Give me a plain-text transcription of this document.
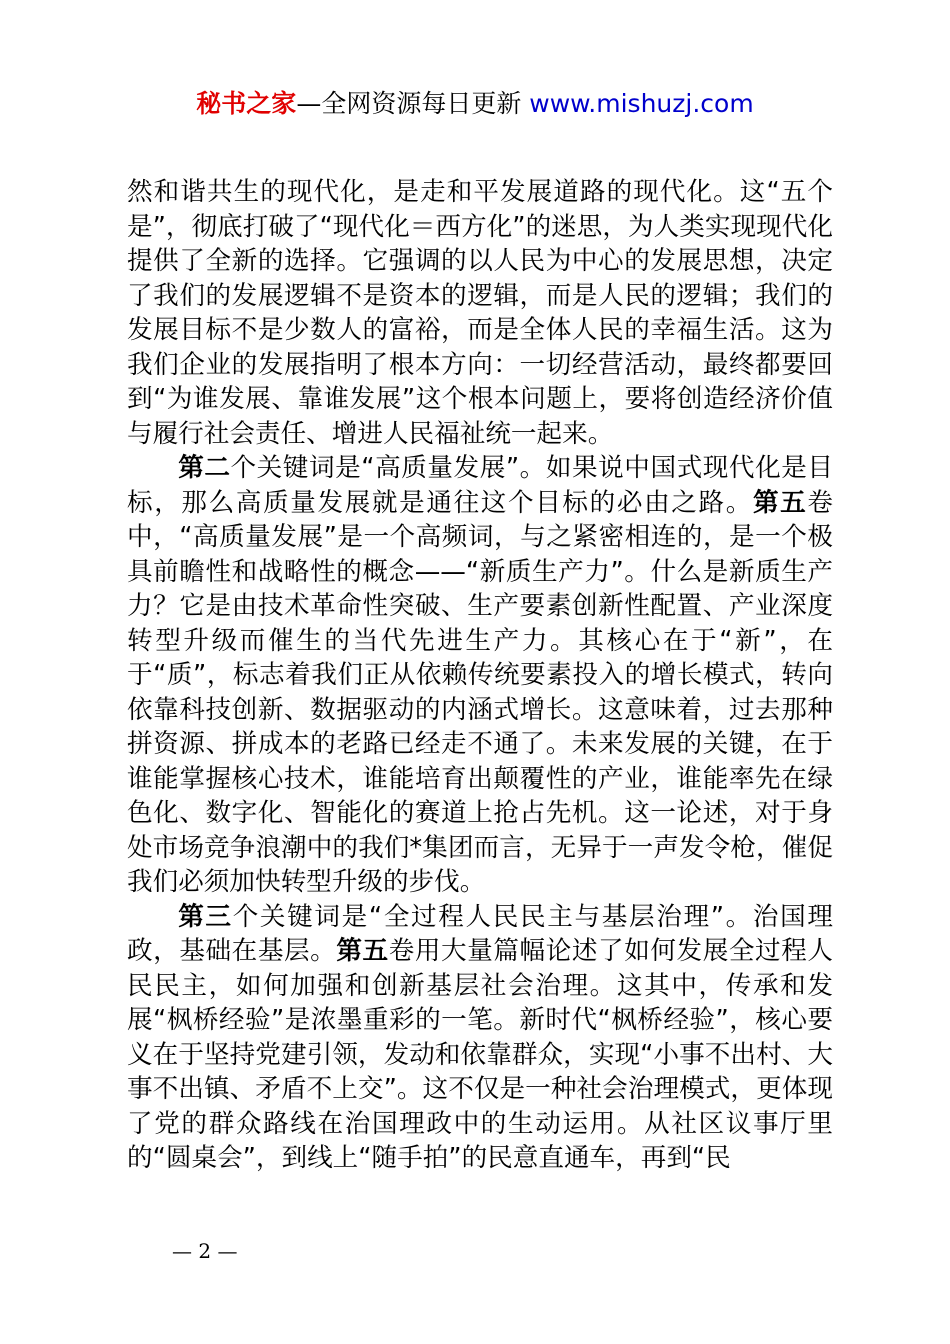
秘书之家—全网资源每日更新 www.mishuzj.com

然和谐共生的现代化，是走和平发展道路的现代化。这“五个是”，彻底打破了“现代化＝西方化”的迷思，为人类实现现代化提供了全新的选择。它强调的以人民为中心的发展思想，决定了我们的发展逻辑不是资本的逻辑，而是人民的逻辑；我们的发展目标不是少数人的富裕，而是全体人民的幸福生活。这为我们企业的发展指明了根本方向：一切经营活动，最终都要回到“为谁发展、靠谁发展”这个根本问题上，要将创造经济价值与履行社会责任、增进人民福祉统一起来。

第二个关键词是“高质量发展”。如果说中国式现代化是目标，那么高质量发展就是通往这个目标的必由之路。第五卷中，“高质量发展”是一个高频词，与之紧密相连的，是一个极具前瞻性和战略性的概念——“新质生产力”。什么是新质生产力？它是由技术革命性突破、生产要素创新性配置、产业深度转型升级而催生的当代先进生产力。其核心在于“新”，在于“质”，标志着我们正从依赖传统要素投入的增长模式，转向依靠科技创新、数据驱动的内涵式增长。这意味着，过去那种拼资源、拼成本的老路已经走不通了。未来发展的关键，在于谁能掌握核心技术，谁能培育出颠覆性的产业，谁能率先在绿色化、数字化、智能化的赛道上抢占先机。这一论述，对于身处市场竞争浪潮中的我们*集团而言，无异于一声发令枪，催促我们必须加快转型升级的步伐。

第三个关键词是“全过程人民民主与基层治理”。治国理政，基础在基层。第五卷用大量篇幅论述了如何发展全过程人民民主，如何加强和创新基层社会治理。这其中，传承和发展“枫桥经验”是浓墨重彩的一笔。新时代“枫桥经验”，核心要义在于坚持党建引领，发动和依靠群众，实现“小事不出村、大事不出镇、矛盾不上交”。这不仅是一种社会治理模式，更体现了党的群众路线在治国理政中的生动运用。从社区议事厅里的“圆桌会”，到线上“随手拍”的民意直通车，再到“民

— 2 —
